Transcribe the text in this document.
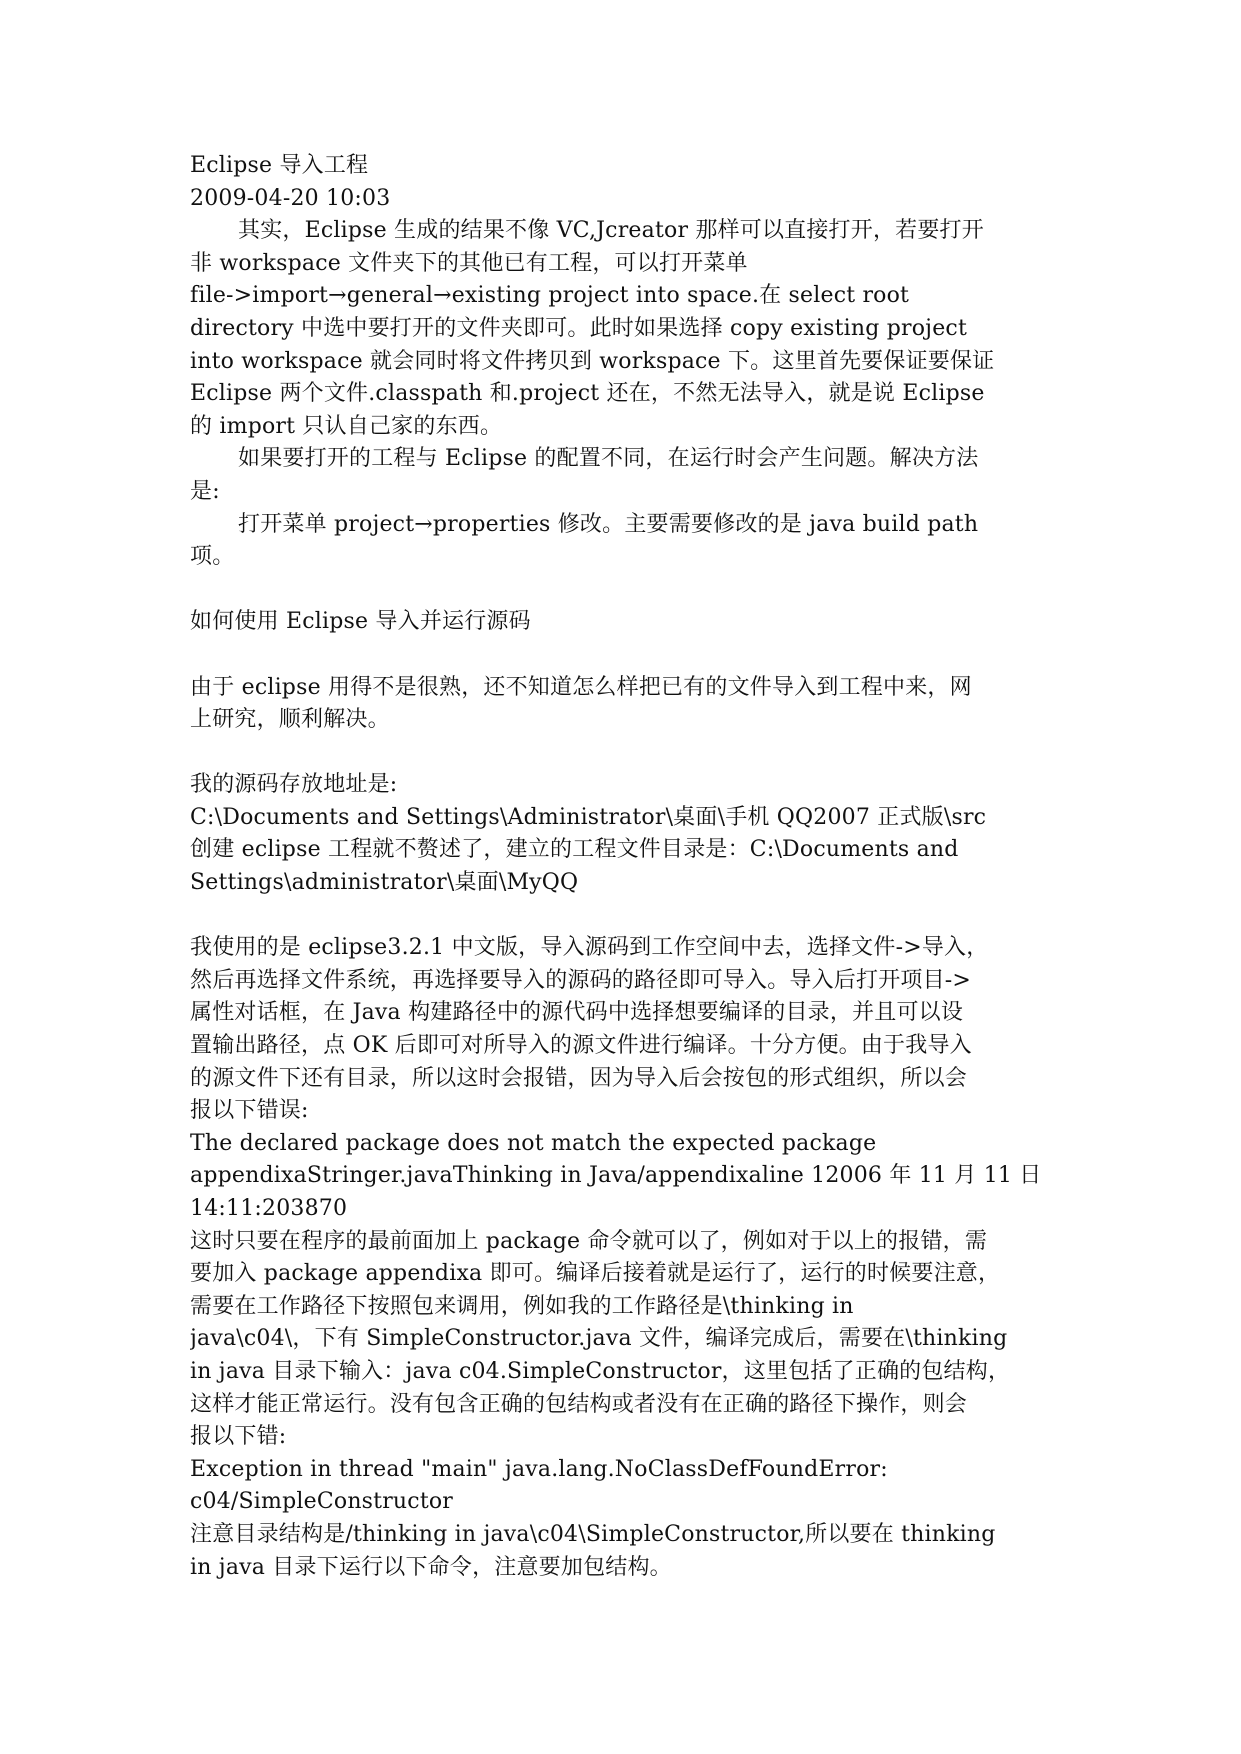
Eclipse 导入工程
2009-04-20 10:03
其实，Eclipse 生成的结果不像 VC,Jcreator 那样可以直接打开，若要打开
非 workspace 文件夹下的其他已有工程，可以打开菜单
file->import→general→existing project into space.在 select root
directory 中选中要打开的文件夹即可。此时如果选择 copy existing project
into workspace 就会同时将文件拷贝到 workspace 下。这里首先要保证要保证
Eclipse 两个文件.classpath 和.project 还在，不然无法导入，就是说 Eclipse
的 import 只认自己家的东西。
如果要打开的工程与 Eclipse 的配置不同，在运行时会产生问题。解决方法
是:
打开菜单 project→properties 修改。主要需要修改的是 java build path
项。
如何使用 Eclipse 导入并运行源码
由于 eclipse 用得不是很熟，还不知道怎么样把已有的文件导入到工程中来，网
上研究，顺利解决。
我的源码存放地址是:
C:\Documents and Settings\Administrator\桌面\手机 QQ2007 正式版\src
创建 eclipse 工程就不赘述了，建立的工程文件目录是：C:\Documents and
Settings\administrator\桌面\MyQQ
我使用的是 eclipse3.2.1 中文版，导入源码到工作空间中去，选择文件->导入，
然后再选择文件系统，再选择要导入的源码的路径即可导入。导入后打开项目->
属性对话框，在 Java 构建路径中的源代码中选择想要编译的目录，并且可以设
置输出路径，点 OK 后即可对所导入的源文件进行编译。十分方便。由于我导入
的源文件下还有目录，所以这时会报错，因为导入后会按包的形式组织，所以会
报以下错误:
The declared package does not match the expected package
appendixaStringer.javaThinking in Java/appendixaline 12006 年 11 月 11 日
14:11:203870
这时只要在程序的最前面加上 package 命令就可以了，例如对于以上的报错，需
要加入 package appendixa 即可。编译后接着就是运行了，运行的时候要注意，
需要在工作路径下按照包来调用，例如我的工作路径是\thinking in
java\c04\，下有 SimpleConstructor.java 文件，编译完成后，需要在\thinking
in java 目录下输入：java c04.SimpleConstructor，这里包括了正确的包结构，
这样才能正常运行。没有包含正确的包结构或者没有在正确的路径下操作，则会
报以下错:
Exception in thread "main" java.lang.NoClassDefFoundError:
c04/SimpleConstructor
注意目录结构是/thinking in java\c04\SimpleConstructor,所以要在 thinking
in java 目录下运行以下命令，注意要加包结构。
